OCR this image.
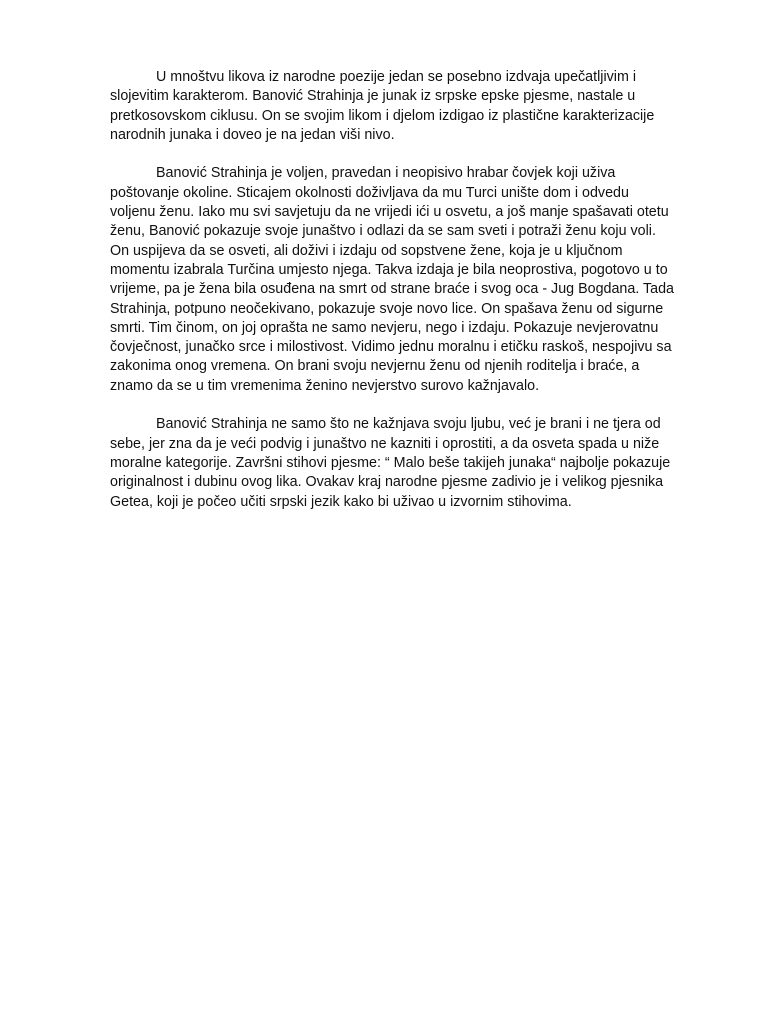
U mnoštvu likova iz narodne poezije jedan se posebno izdvaja upečatljivim i slojevitim karakterom. Banović Strahinja je junak iz srpske epske pjesme, nastale u pretkosovskom ciklusu. On se svojim likom i djelom izdigao iz plastične karakterizacije narodnih junaka i doveo je na jedan viši nivo.

Banović Strahinja je voljen, pravedan i neopisivo hrabar čovjek koji uživa poštovanje okoline. Sticajem okolnosti doživljava da mu Turci unište dom i odvedu voljenu ženu. Iako mu svi savjetuju da ne vrijedi ići u osvetu, a još manje spašavati otetu ženu, Banović pokazuje svoje junaštvo i odlazi da se sam sveti i potraži ženu koju voli. On uspijeva da se osveti, ali doživi i izdaju od sopstvene žene, koja je u ključnom momentu izabrala Turčina umjesto njega. Takva izdaja je bila neoprostiva, pogotovo u to vrijeme, pa je žena bila osuđena na smrt od strane braće i svog oca - Jug Bogdana. Tada Strahinja, potpuno neočekivano, pokazuje svoje novo lice. On spašava ženu od sigurne smrti. Tim činom, on joj oprašta ne samo nevjeru, nego i izdaju. Pokazuje nevjerovatnu čovječnost, junačko srce i milostivost. Vidimo jednu moralnu i etičku raskoš, nespojivu sa zakonima onog vremena. On brani svoju nevjernu ženu od njenih roditelja i braće, a znamo da se u tim vremenima ženino nevjerstvo surovo kažnjavalo.

Banović Strahinja ne samo što ne kažnjava svoju ljubu, već je brani i ne tjera od sebe, jer zna da je veći podvig i junaštvo ne kazniti i oprostiti, a da osveta spada u niže moralne kategorije. Završni stihovi pjesme: “ Malo beše takijeh junaka“ najbolje pokazuje originalnost i dubinu ovog lika. Ovakav kraj narodne pjesme zadivio je i velikog pjesnika Getea, koji je počeo učiti srpski jezik kako bi uživao u izvornim stihovima.
